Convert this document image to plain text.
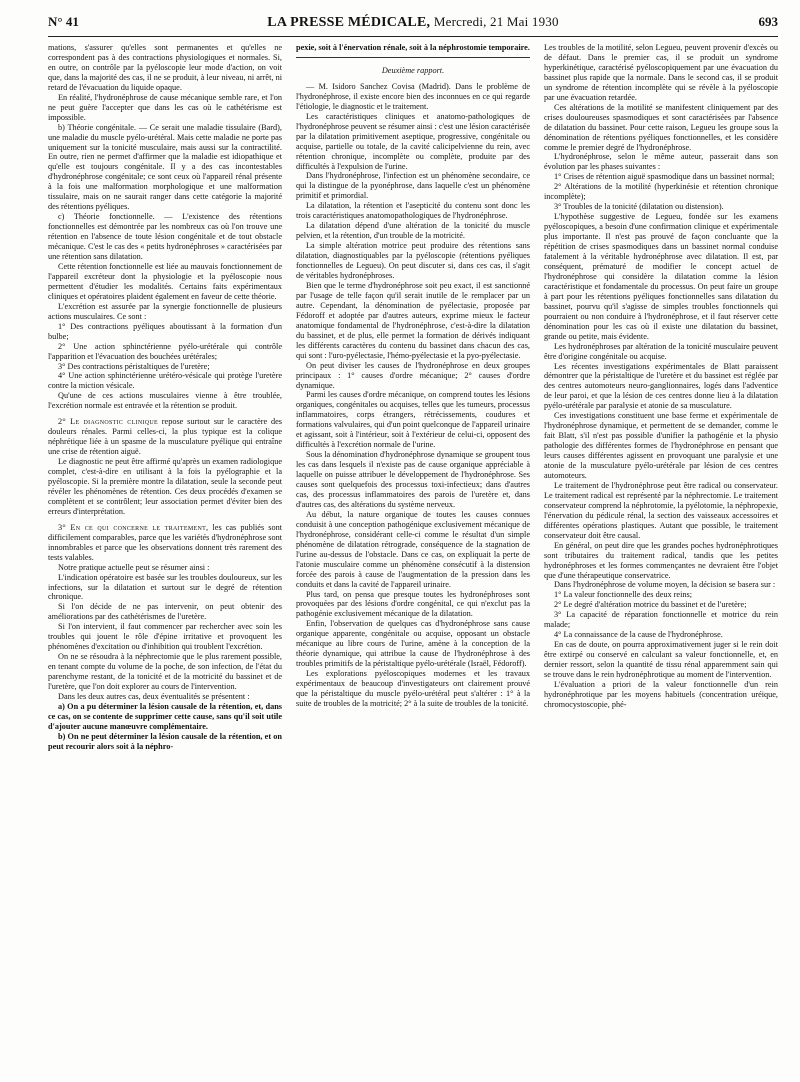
N° 41	LA PRESSE MÉDICALE, Mercredi, 21 Mai 1930	693

mations, s'assurer qu'elles sont permanentes et qu'elles ne correspondent pas à des contractions physiologiques et normales. Si, en outre, on contrôle par la pyéloscopie leur mode d'action, on voit que, dans la majorité des cas, il ne se produit, à leur niveau, ni arrêt, ni retard de l'évacuation du liquide opaque.

En réalité, l'hydronéphrose de cause mécanique semble rare, et l'on ne peut guère l'accepter que dans les cas où le cathétérisme est impossible.

b) Théorie congénitale. — Ce serait une maladie tissulaire (Bard), une maladie du muscle pyélo-urétéral. Mais cette maladie ne porte pas uniquement sur la tonicité musculaire, mais aussi sur la contractilité. En outre, rien ne permet d'affirmer que la maladie est idiopathique et qu'elle est toujours congénitale. Il y a des cas incontestables d'hydronéphrose congénitale; ce sont ceux où l'appareil rénal présente à la fois une malformation morphologique et une malformation tissulaire, mais on ne saurait ranger dans cette catégorie la majorité des rétentions pyéliques.

c) Théorie fonctionnelle. — L'existence des rétentions fonctionnelles est démontrée par les nombreux cas où l'on trouve une rétention en l'absence de toute lésion congénitale et de tout obstacle mécanique. C'est le cas des « petits hydronéphroses » caractérisées par une rétention sans dilatation.

Cette rétention fonctionnelle est liée au mauvais fonctionnement de l'appareil excréteur dont la physiologie et la pyéloscopie nous permettent d'étudier les modalités. Certains faits expérimentaux cliniques et opératoires plaident également en faveur de cette théorie.

L'excrétion est assurée par la synergie fonctionnelle de plusieurs actions musculaires. Ce sont :

1° Des contractions pyéliques aboutissant à la formation d'un bulbe;

2° Une action sphinctérienne pyélo-urétérale qui contrôle l'apparition et l'évacuation des bouchées urétérales;

3° Des contractions péristaltiques de l'uretère;

4° Une action sphinctérienne urétéro-vésicale qui protège l'uretère contre la miction vésicale.

Qu'une de ces actions musculaires vienne à être troublée, l'excrétion normale est entravée et la rétention se produit.

2° Le diagnostic clinique repose surtout sur le caractère des douleurs rénales. Parmi celles-ci, la plus typique est la colique néphrétique liée à un spasme de la musculature pyélique qui entraîne une crise de rétention aiguë.

Le diagnostic ne peut être affirmé qu'après un examen radiologique complet, c'est-à-dire en utilisant à la fois la pyélographie et la pyéloscopie. Si la première montre la dilatation, seule la seconde peut révéler les phénomènes de rétention. Ces deux procédés d'examen se complètent et se contrôlent; leur association permet d'éviter bien des erreurs d'interprétation.

3° En ce qui concerne le traitement, les cas publiés sont difficilement comparables, parce que les variétés d'hydronéphrose sont innombrables et parce que les observations donnent très rarement des tests valables.

Notre pratique actuelle peut se résumer ainsi :

L'indication opératoire est basée sur les troubles douloureux, sur les infections, sur la dilatation et surtout sur le degré de rétention chronique.

Si l'on décide de ne pas intervenir, on peut obtenir des améliorations par des cathétérismes de l'uretère.

Si l'on intervient, il faut commencer par rechercher avec soin les troubles qui jouent le rôle d'épine irritative et provoquent les phénomènes d'excitation ou d'inhibition qui troublent l'excrétion.

On ne se résoudra à la néphrectomie que le plus rarement possible, en tenant compte du volume de la poche, de son infection, de l'état du parenchyme restant, de la tonicité et de la motricité du bassinet et de l'uretère, que l'on doit explorer au cours de l'intervention.

Dans les deux autres cas, deux éventualités se présentent :

a) On a pu déterminer la lésion causale de la rétention, et, dans ce cas, on se contente de supprimer cette cause, sans qu'il soit utile d'ajouter aucune manœuvre complémentaire.

b) On ne peut déterminer la lésion causale de la rétention, et on peut recourir alors soit à la néphro-

pexie, soit à l'énervation rénale, soit à la néphrostomie temporaire.

Deuxième rapport.

— M. Isidoro Sanchez Covisa (Madrid). Dans le problème de l'hydronéphrose, il existe encore bien des inconnues en ce qui regarde l'étiologie, le diagnostic et le traitement.

Les caractéristiques cliniques et anatomo-pathologiques de l'hydronéphrose peuvent se résumer ainsi : c'est une lésion caractérisée par la dilatation primitivement aseptique, progressive, congénitale ou acquise, partielle ou totale, de la cavité calicipelvienne du rein, avec rétention chronique, incomplète ou complète, produite par des difficultés à l'expulsion de l'urine.

Dans l'hydronéphrose, l'infection est un phénomène secondaire, ce qui la distingue de la pyonéphrose, dans laquelle c'est un phénomène primitif et primordial.

La dilatation, la rétention et l'asepticité du contenu sont donc les trois caractéristiques anatomopathologiques de l'hydronéphrose.

La dilatation dépend d'une altération de la tonicité du muscle pelvien, et la rétention, d'un trouble de la motricité.

La simple altération motrice peut produire des rétentions sans dilatation, diagnostiquables par la pyéloscopie (rétentions pyéliques fonctionnelles de Legueu). On peut discuter si, dans ces cas, il s'agit de véritables hydronéphroses.

Bien que le terme d'hydronéphrose soit peu exact, il est sanctionné par l'usage de telle façon qu'il serait inutile de le remplacer par un autre. Cependant, la dénomination de pyélectasie, proposée par Fédoroff et adoptée par d'autres auteurs, exprime mieux le facteur anatomique fondamental de l'hydronéphrose, c'est-à-dire la dilatation du bassinet, et de plus, elle permet la formation de dérivés indiquant les différents caractères du contenu du bassinet dans chacun des cas, qui sont : l'uro-pyélectasie, l'hémo-pyélectasie et la pyo-pyélectasie.

On peut diviser les causes de l'hydronéphrose en deux groupes principaux : 1° causes d'ordre mécanique; 2° causes d'ordre dynamique.

Parmi les causes d'ordre mécanique, on comprend toutes les lésions organiques, congénitales ou acquises, telles que les tumeurs, processus inflammatoires, corps étrangers, rétrécissements, coudures et formations valvulaires, qui d'un point quelconque de l'appareil urinaire et agissant, soit à l'intérieur, soit à l'extérieur de celui-ci, opposent des difficultés à l'excrétion normale de l'urine.

Sous la dénomination d'hydronéphrose dynamique se groupent tous les cas dans lesquels il n'existe pas de cause organique appréciable à laquelle on puisse attribuer le développement de l'hydronéphrose. Ses causes sont quelquefois des processus toxi-infectieux; dans d'autres cas, des processus inflammatoires des parois de l'uretère et, dans d'autres cas, des altérations du système nerveux.

Au début, la nature organique de toutes les causes connues conduisit à une conception pathogénique exclusivement mécanique de l'hydronéphrose, considérant celle-ci comme le résultat d'un simple phénomène de dilatation rétrograde, conséquence de la stagnation de l'urine au-dessus de l'obstacle. Dans ce cas, on expliquait la perte de l'atonie musculaire comme un phénomène consécutif à la distension forcée des parois à cause de l'augmentation de la pression dans les conduits et dans la cavité de l'appareil urinaire.

Plus tard, on pensa que presque toutes les hydronéphroses sont provoquées par des lésions d'ordre congénital, ce qui n'exclut pas la pathogénie exclusivement mécanique de la dilatation.

Enfin, l'observation de quelques cas d'hydronéphrose sans cause organique apparente, congénitale ou acquise, opposant un obstacle mécanique au libre cours de l'urine, amène à la conception de la théorie dynamique, qui attribue la cause de l'hydronéphrose à des troubles primitifs de la péristaltique pyélo-urétérale (Israël, Fédoroff).

Les explorations pyéloscopiques modernes et les travaux expérimentaux de beaucoup d'investigateurs ont clairement prouvé que la péristaltique du muscle pyélo-urétéral peut s'altérer : 1° à la suite de troubles de la motricité; 2° à la suite de troubles de la tonicité.

Les troubles de la motilité, selon Legueu, peuvent provenir d'excès ou de défaut. Dans le premier cas, il se produit un syndrome hyperkinétique, caractérisé pyéloscopiquement par une évacuation du bassinet plus rapide que la normale. Dans le second cas, il se produit un syndrome de rétention incomplète qui se révèle à la pyéloscopie par une évacuation retardée.

Ces altérations de la motilité se manifestent cliniquement par des crises douloureuses spasmodiques et sont caractérisées par l'absence de dilatation du bassinet. Pour cette raison, Legueu les groupe sous la dénomination de rétentions pyéliques fonctionnelles, et les considère comme le premier degré de l'hydronéphrose.

L'hydronéphrose, selon le même auteur, passerait dans son évolution par les phases suivantes :

1° Crises de rétention aiguë spasmodique dans un bassinet normal;

2° Altérations de la motilité (hyperkinésie et rétention chronique incomplète);

3° Troubles de la tonicité (dilatation ou distension).

L'hypothèse suggestive de Legueu, fondée sur les examens pyéloscopiques, a besoin d'une confirmation clinique et expérimentale plus importante. Il n'est pas prouvé de façon concluante que la répétition de crises spasmodiques dans un bassinet normal conduise fatalement à la véritable hydronéphrose avec dilatation. Il est, par conséquent, prématuré de modifier le concept actuel de l'hydronéphrose qui considère la dilatation comme la lésion caractéristique et fondamentale du processus. On peut faire un groupe à part pour les rétentions pyéliques fonctionnelles sans dilatation du bassinet, pourvu qu'il s'agisse de simples troubles fonctionnels qui pourraient ou non conduire à l'hydronéphrose, et il faut réserver cette dénomination pour les cas où il existe une dilatation du bassinet, grande ou petite, mais évidente.

Les hydronéphroses par altération de la tonicité musculaire peuvent être d'origine congénitale ou acquise.

Les récentes investigations expérimentales de Blatt paraissent démontrer que la péristaltique de l'uretère et du bassinet est réglée par des centres automoteurs neuro-ganglionnaires, logés dans l'adventice de leur paroi, et que la lésion de ces centres donne lieu à la dilatation pyélo-urétérale par paralysie et atonie de sa musculature.

Ces investigations constituent une base ferme et expérimentale de l'hydronéphrose dynamique, et permettent de se demander, comme le fait Blatt, s'il n'est pas possible d'unifier la pathogénie et la physio pathologie des différentes formes de l'hydronéphrose en pensant que leurs causes différentes agissent en provoquant une paralysie et une atonie de la musculature pyélo-urétérale par lésion de ces centres automoteurs.

Le traitement de l'hydronéphrose peut être radical ou conservateur. Le traitement radical est représenté par la néphrectomie. Le traitement conservateur comprend la néphrotomie, la pyélotomie, la néphropexie, l'énervation du pédicule rénal, la section des vaisseaux accessoires et différentes opérations plastiques. Autant que possible, le traitement conservateur doit être causal.

En général, on peut dire que les grandes poches hydronéphrotiques sont tributaires du traitement radical, tandis que les petites hydronéphroses et les formes commençantes ne devraient être l'objet que d'une thérapeutique conservatrice.

Dans l'hydronéphrose de volume moyen, la décision se basera sur :

1° La valeur fonctionnelle des deux reins;

2° Le degré d'altération motrice du bassinet et de l'uretère;

3° La capacité de réparation fonctionnelle et motrice du rein malade;

4° La connaissance de la cause de l'hydronéphrose.

En cas de doute, on pourra approximativement juger si le rein doit être extirpé ou conservé en calculant sa valeur fonctionnelle, et, en dernier ressort, selon la quantité de tissu rénal apparemment sain qui se trouve dans le rein hydronéphrotique au moment de l'intervention.

L'évaluation a priori de la valeur fonctionnelle d'un rein hydronéphrotique par les moyens habituels (concentration uréique, chromocystoscopie, phé-
